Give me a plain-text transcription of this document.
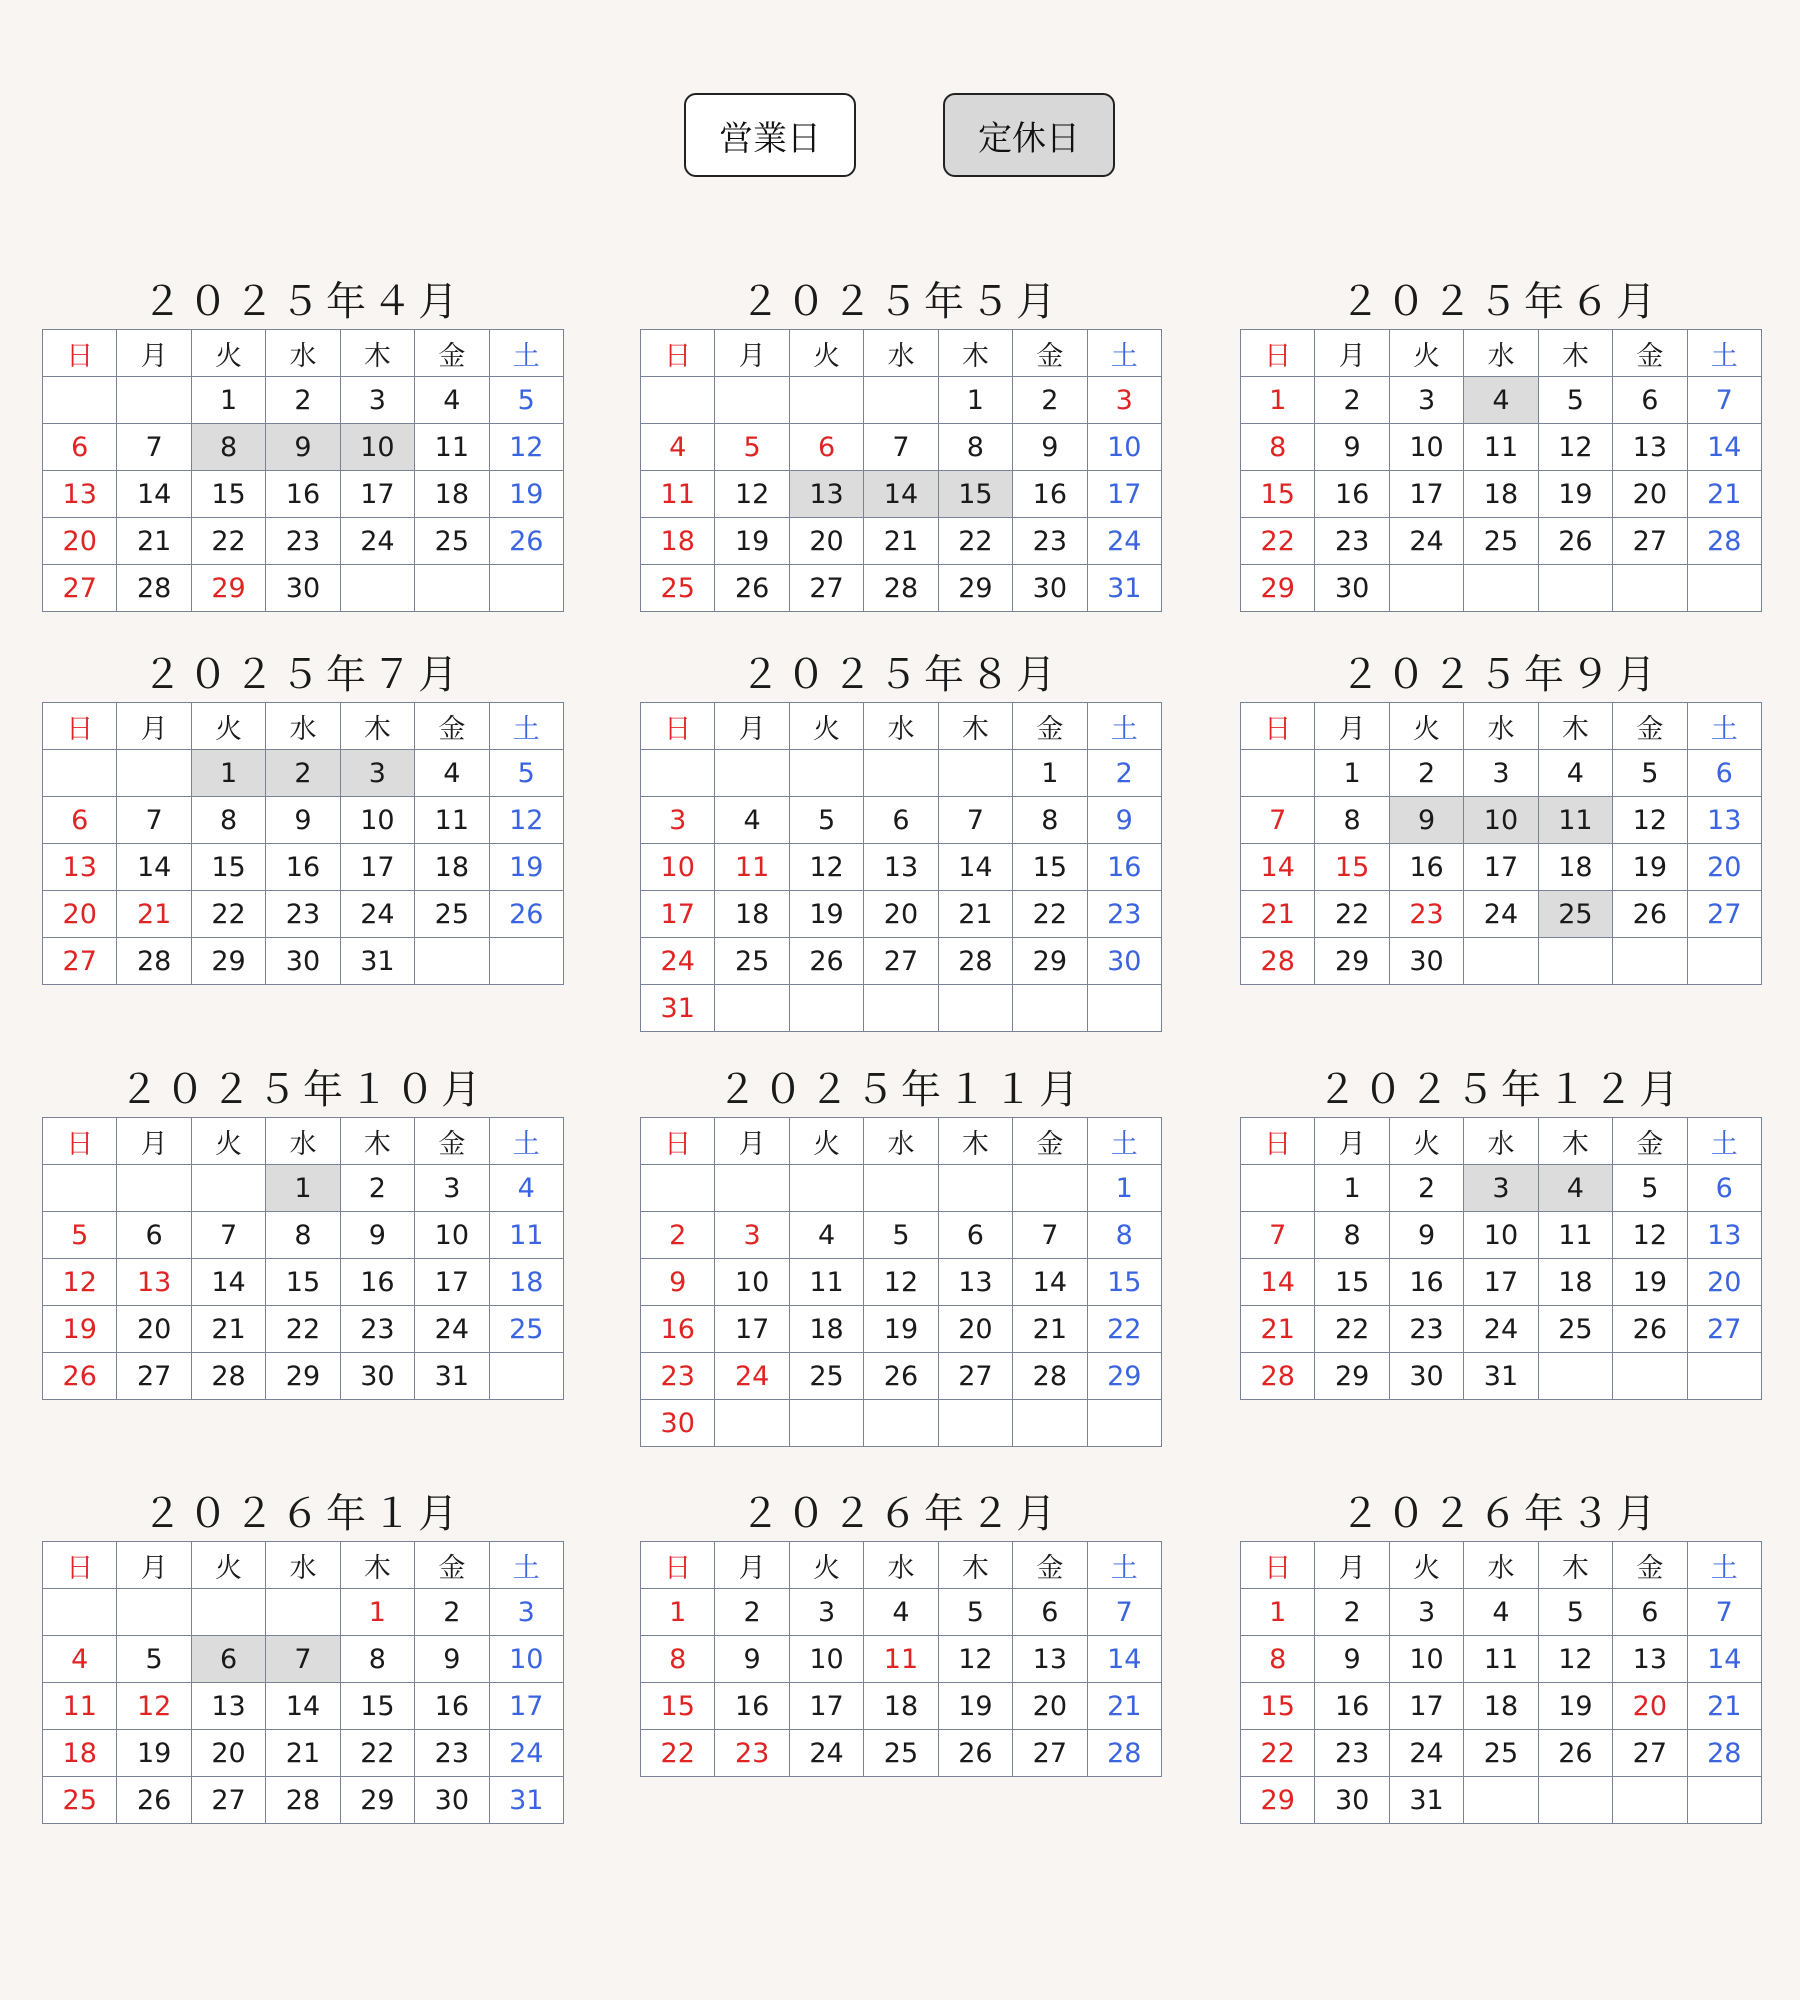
営業日	定休日
２０２５年４月
日	月	火	水	木	金	土
		1	2	3	4	5
6	7	8	9	10	11	12
13	14	15	16	17	18	19
20	21	22	23	24	25	26
27	28	29	30			
２０２５年５月
日	月	火	水	木	金	土
				1	2	3
4	5	6	7	8	9	10
11	12	13	14	15	16	17
18	19	20	21	22	23	24
25	26	27	28	29	30	31
２０２５年６月
日	月	火	水	木	金	土
1	2	3	4	5	6	7
8	9	10	11	12	13	14
15	16	17	18	19	20	21
22	23	24	25	26	27	28
29	30					
２０２５年７月
日	月	火	水	木	金	土
		1	2	3	4	5
6	7	8	9	10	11	12
13	14	15	16	17	18	19
20	21	22	23	24	25	26
27	28	29	30	31		
２０２５年８月
日	月	火	水	木	金	土
					1	2
3	4	5	6	7	8	9
10	11	12	13	14	15	16
17	18	19	20	21	22	23
24	25	26	27	28	29	30
31						
２０２５年９月
日	月	火	水	木	金	土
	1	2	3	4	5	6
7	8	9	10	11	12	13
14	15	16	17	18	19	20
21	22	23	24	25	26	27
28	29	30				
２０２５年１０月
日	月	火	水	木	金	土
			1	2	3	4
5	6	7	8	9	10	11
12	13	14	15	16	17	18
19	20	21	22	23	24	25
26	27	28	29	30	31	
２０２５年１１月
日	月	火	水	木	金	土
						1
2	3	4	5	6	7	8
9	10	11	12	13	14	15
16	17	18	19	20	21	22
23	24	25	26	27	28	29
30						
２０２５年１２月
日	月	火	水	木	金	土
	1	2	3	4	5	6
7	8	9	10	11	12	13
14	15	16	17	18	19	20
21	22	23	24	25	26	27
28	29	30	31			
２０２６年１月
日	月	火	水	木	金	土
				1	2	3
4	5	6	7	8	9	10
11	12	13	14	15	16	17
18	19	20	21	22	23	24
25	26	27	28	29	30	31
２０２６年２月
日	月	火	水	木	金	土
1	2	3	4	5	6	7
8	9	10	11	12	13	14
15	16	17	18	19	20	21
22	23	24	25	26	27	28
２０２６年３月
日	月	火	水	木	金	土
1	2	3	4	5	6	7
8	9	10	11	12	13	14
15	16	17	18	19	20	21
22	23	24	25	26	27	28
29	30	31				
